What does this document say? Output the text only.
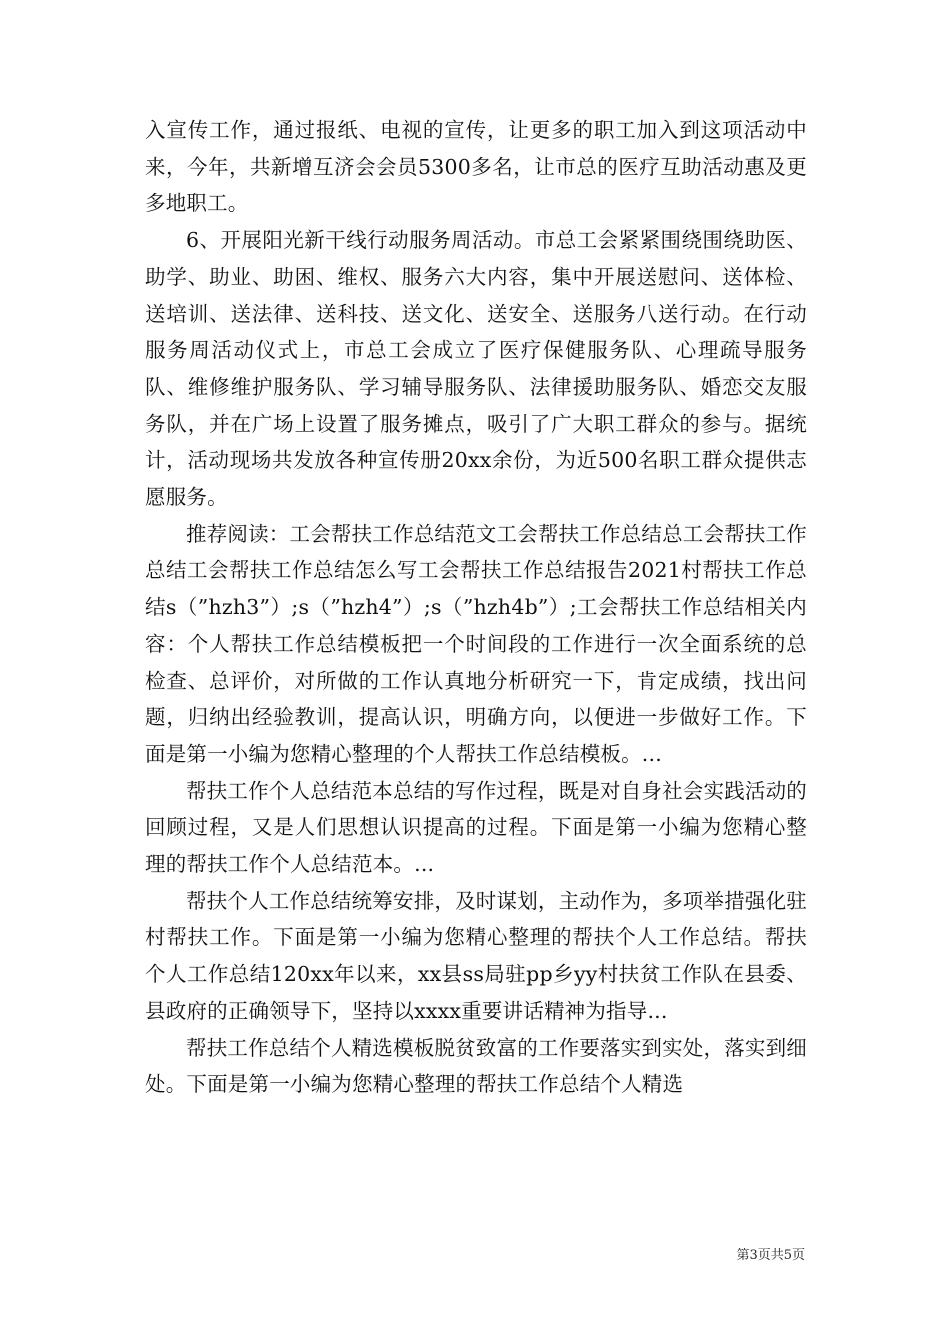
入宣传工作，通过报纸、电视的宣传，让更多的职工加入到这项活动中来，今年，共新增互济会会员5300多名，让市总的医疗互助活动惠及更多地职工。

6、开展阳光新干线行动服务周活动。市总工会紧紧围绕围绕助医、助学、助业、助困、维权、服务六大内容，集中开展送慰问、送体检、送培训、送法律、送科技、送文化、送安全、送服务八送行动。在行动服务周活动仪式上，市总工会成立了医疗保健服务队、心理疏导服务队、维修维护服务队、学习辅导服务队、法律援助服务队、婚恋交友服务队，并在广场上设置了服务摊点，吸引了广大职工群众的参与。据统计，活动现场共发放各种宣传册20xx余份，为近500名职工群众提供志愿服务。

推荐阅读：工会帮扶工作总结范文工会帮扶工作总结总工会帮扶工作总结工会帮扶工作总结怎么写工会帮扶工作总结报告2021村帮扶工作总结s（”hzh3”）;s（”hzh4”）;s（”hzh4b”）;工会帮扶工作总结相关内容：个人帮扶工作总结模板把一个时间段的工作进行一次全面系统的总检查、总评价，对所做的工作认真地分析研究一下，肯定成绩，找出问题，归纳出经验教训，提高认识，明确方向，以便进一步做好工作。下面是第一小编为您精心整理的个人帮扶工作总结模板。...

帮扶工作个人总结范本总结的写作过程，既是对自身社会实践活动的回顾过程，又是人们思想认识提高的过程。下面是第一小编为您精心整理的帮扶工作个人总结范本。...

帮扶个人工作总结统筹安排，及时谋划，主动作为，多项举措强化驻村帮扶工作。下面是第一小编为您精心整理的帮扶个人工作总结。帮扶个人工作总结120xx年以来，xx县ss局驻pp乡yy村扶贫工作队在县委、县政府的正确领导下，坚持以xxxx重要讲话精神为指导...

帮扶工作总结个人精选模板脱贫致富的工作要落实到实处，落实到细处。下面是第一小编为您精心整理的帮扶工作总结个人精选

第3页共5页
